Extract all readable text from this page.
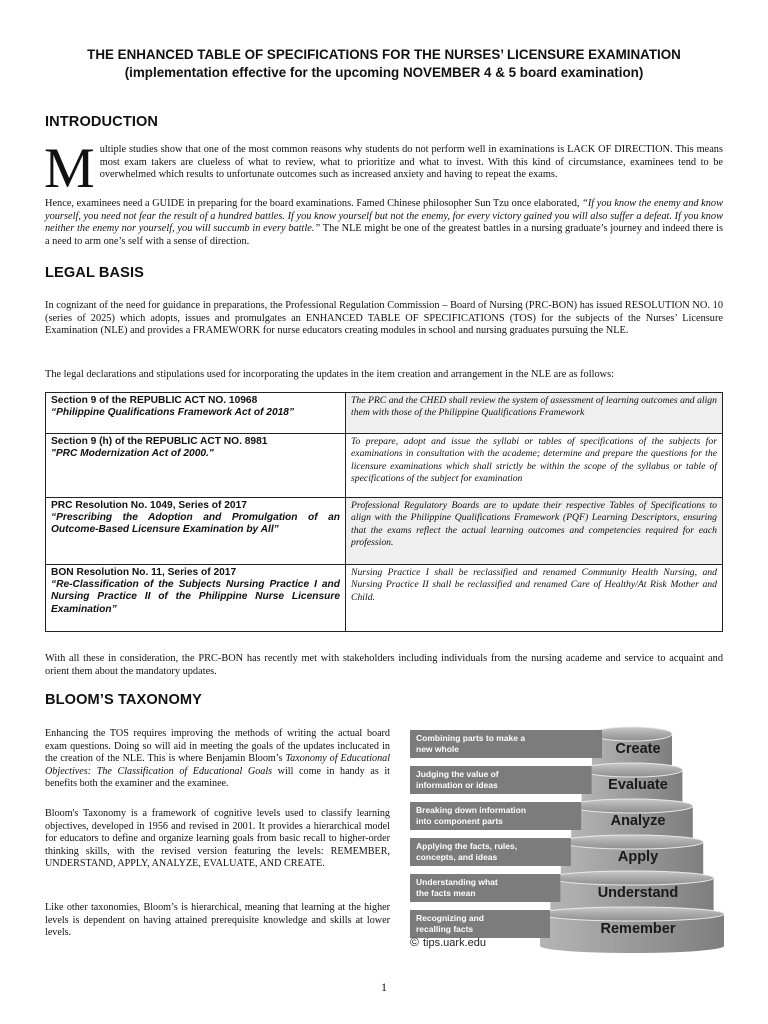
THE ENHANCED TABLE OF SPECIFICATIONS FOR THE NURSES’ LICENSURE EXAMINATION
(implementation effective for the upcoming NOVEMBER 4 & 5 board examination)
INTRODUCTION
Multiple studies show that one of the most common reasons why students do not perform well in examinations is LACK OF DIRECTION. This means most exam takers are clueless of what to review, what to prioritize and what to invest. With this kind of circumstance, examinees tend to be overwhelmed which results to unfortunate outcomes such as increased anxiety and having to repeat the exams.
Hence, examinees need a GUIDE in preparing for the board examinations. Famed Chinese philosopher Sun Tzu once elaborated, “If you know the enemy and know yourself, you need not fear the result of a hundred battles. If you know yourself but not the enemy, for every victory gained you will also suffer a defeat. If you know neither the enemy nor yourself, you will succumb in every battle.” The NLE might be one of the greatest battles in a nursing graduate’s journey and indeed there is a need to arm one’s self with a sense of direction.
LEGAL BASIS
In cognizant of the need for guidance in preparations, the Professional Regulation Commission – Board of Nursing (PRC-BON) has issued RESOLUTION NO. 10 (series of 2025) which adopts, issues and promulgates an ENHANCED TABLE OF SPECIFICATIONS (TOS) for the subjects of the Nurses’ Licensure Examination (NLE) and provides a FRAMEWORK for nurse educators creating modules in school and nursing graduates pursuing the NLE.
The legal declarations and stipulations used for incorporating the updates in the item creation and arrangement in the NLE are as follows:
Section 9 of the REPUBLIC ACT NO. 10968
“Philippine Qualifications Framework Act of 2018”	The PRC and the CHED shall review the system of assessment of learning outcomes and align them with those of the Philippine Qualifications Framework

Section 9 (h) of the REPUBLIC ACT NO. 8981
"PRC Modernization Act of 2000."	To prepare, adopt and issue the syllabi or tables of specifications of the subjects for examinations in consultation with the academe; determine and prepare the questions for the licensure examinations which shall strictly be within the scope of the syllabus or table of specifications of the subject for examination

PRC Resolution No. 1049, Series of 2017
“Prescribing the Adoption and Promulgation of an Outcome-Based Licensure Examination by All”	Professional Regulatory Boards are to update their respective Tables of Specifications to align with the Philippine Qualifications Framework (PQF) Learning Descriptors, ensuring that the exams reflect the actual learning outcomes and competencies required for each profession.

BON Resolution No. 11, Series of 2017
“Re-Classification of the Subjects Nursing Practice I and Nursing Practice II of the Philippine Nurse Licensure Examination”	Nursing Practice I shall be reclassified and renamed Community Health Nursing, and Nursing Practice II shall be reclassified and renamed Care of Healthy/At Risk Mother and Child.
With all these in consideration, the PRC-BON has recently met with stakeholders including individuals from the nursing academe and service to acquaint and orient them about the mandatory updates.
BLOOM’S TAXONOMY
Enhancing the TOS requires improving the methods of writing the actual board exam questions. Doing so will aid in meeting the goals of the updates inclucated in the creation of the NLE. This is where Benjamin Bloom’s Taxonomy of Educational Objectives: The Classification of Educational Goals will come in handy as it benefits both the examiner and the examinee.
Bloom's Taxonomy is a framework of cognitive levels used to classify learning objectives, developed in 1956 and revised in 2001. It provides a hierarchical model for educators to define and organize learning goals from basic recall to higher-order thinking skills, with the revised version featuring the levels: REMEMBER, UNDERSTAND, APPLY, ANALYZE, EVALUATE, AND CREATE.
Like other taxonomies, Bloom’s is hierarchical, meaning that learning at the higher levels is dependent on having attained prerequisite knowledge and skills at lower levels.
Create
Evaluate
Analyze
Apply
Understand
Remember
Combining parts to make a
new whole
Judging the value of
information or ideas
Breaking down information
into component parts
Applying the facts, rules,
concepts, and ideas
Understanding what
the facts mean
Recognizing and
recalling facts
© tips.uark.edu
1
